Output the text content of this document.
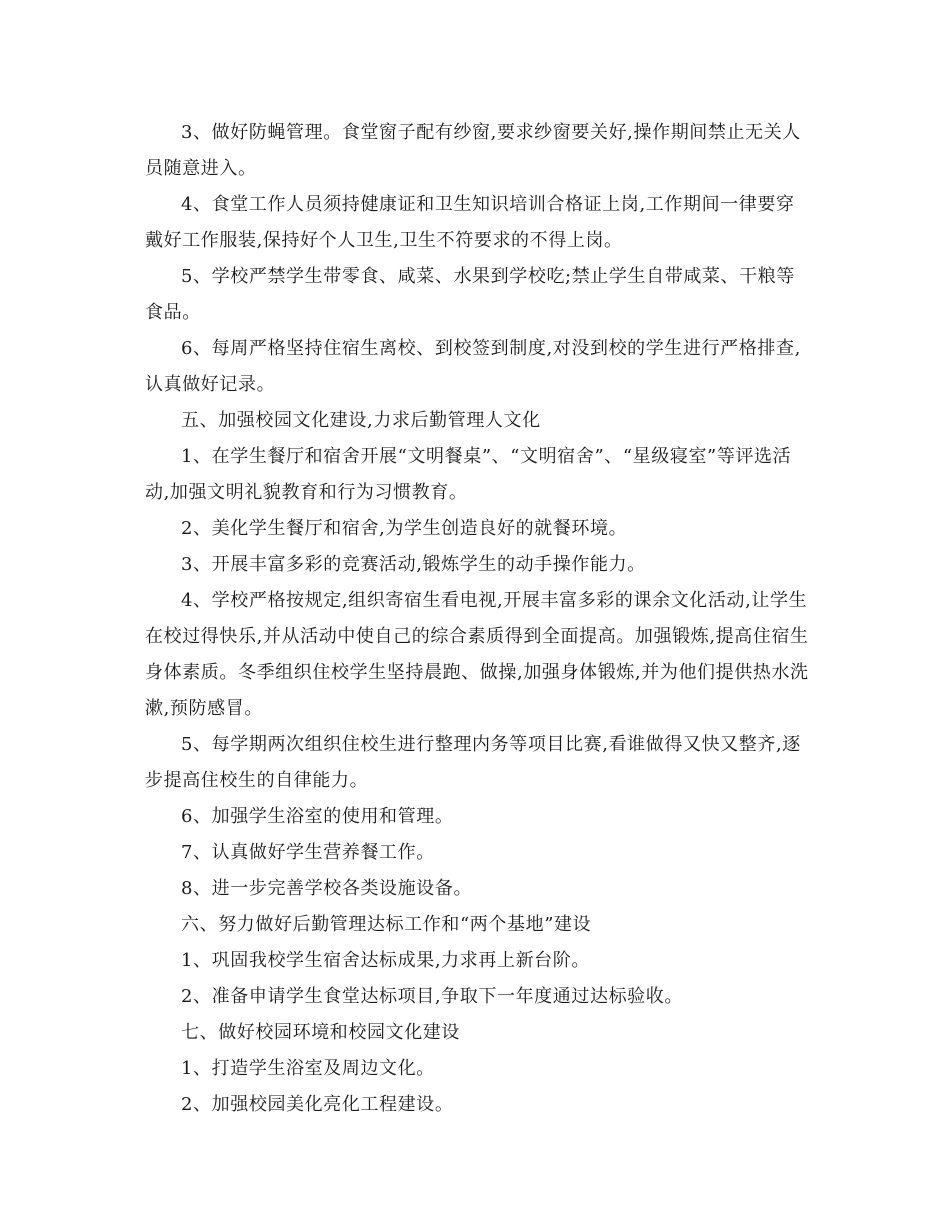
3、做好防蝇管理。食堂窗子配有纱窗,要求纱窗要关好,操作期间禁止无关人员随意进入。

4、食堂工作人员须持健康证和卫生知识培训合格证上岗,工作期间一律要穿戴好工作服装,保持好个人卫生,卫生不符要求的不得上岗。

5、学校严禁学生带零食、咸菜、水果到学校吃;禁止学生自带咸菜、干粮等食品。

6、每周严格坚持住宿生离校、到校签到制度,对没到校的学生进行严格排查,认真做好记录。

五、加强校园文化建设,力求后勤管理人文化

1、在学生餐厅和宿舍开展“文明餐桌”、“文明宿舍”、“星级寝室”等评选活动,加强文明礼貌教育和行为习惯教育。

2、美化学生餐厅和宿舍,为学生创造良好的就餐环境。

3、开展丰富多彩的竞赛活动,锻炼学生的动手操作能力。

4、学校严格按规定,组织寄宿生看电视,开展丰富多彩的课余文化活动,让学生在校过得快乐,并从活动中使自己的综合素质得到全面提高。加强锻炼,提高住宿生身体素质。冬季组织住校学生坚持晨跑、做操,加强身体锻炼,并为他们提供热水洗漱,预防感冒。

5、每学期两次组织住校生进行整理内务等项目比赛,看谁做得又快又整齐,逐步提高住校生的自律能力。

6、加强学生浴室的使用和管理。

7、认真做好学生营养餐工作。

8、进一步完善学校各类设施设备。

六、努力做好后勤管理达标工作和“两个基地”建设

1、巩固我校学生宿舍达标成果,力求再上新台阶。

2、准备申请学生食堂达标项目,争取下一年度通过达标验收。

七、做好校园环境和校园文化建设

1、打造学生浴室及周边文化。

2、加强校园美化亮化工程建设。
